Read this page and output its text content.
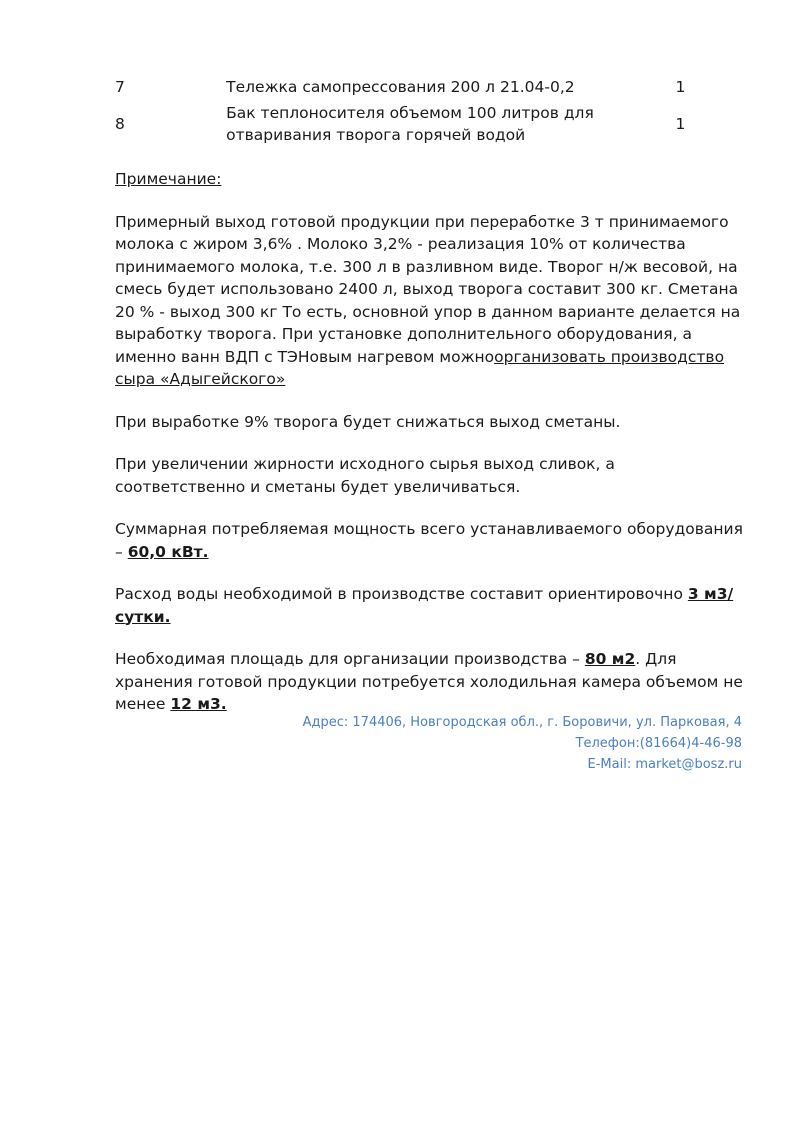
7	Тележка самопрессования 200 л 21.04-0,2	1
8	Бак теплоносителя объемом 100 литров для отваривания творога горячей водой	1

Примечание:

Примерный выход готовой продукции при переработке 3 т принимаемого молока с жиром 3,6% . Молоко 3,2% - реализация 10% от количества принимаемого молока, т.е. 300 л в разливном виде. Творог н/ж весовой, на смесь будет использовано 2400 л, выход творога составит 300 кг. Сметана 20 % - выход 300 кг То есть, основной упор в данном варианте делается на выработку творога. При установке дополнительного оборудования, а именно ванн ВДП с ТЭНовым нагревом можноорганизовать производство сыра «Адыгейского»

При выработке 9% творога будет снижаться выход сметаны.

При увеличении жирности исходного сырья выход сливок, а соответственно и сметаны будет увеличиваться.

Суммарная потребляемая мощность всего устанавливаемого оборудования – 60,0 кВт.

Расход воды необходимой в производстве составит ориентировочно 3 м3/сутки.

Необходимая площадь для организации производства – 80 м2. Для хранения готовой продукции потребуется холодильная камера объемом не менее 12 м3.

Адрес: 174406, Новгородская обл., г. Боровичи, ул. Парковая, 4
Телефон:(81664)4-46-98
E-Mail: market@bosz.ru
